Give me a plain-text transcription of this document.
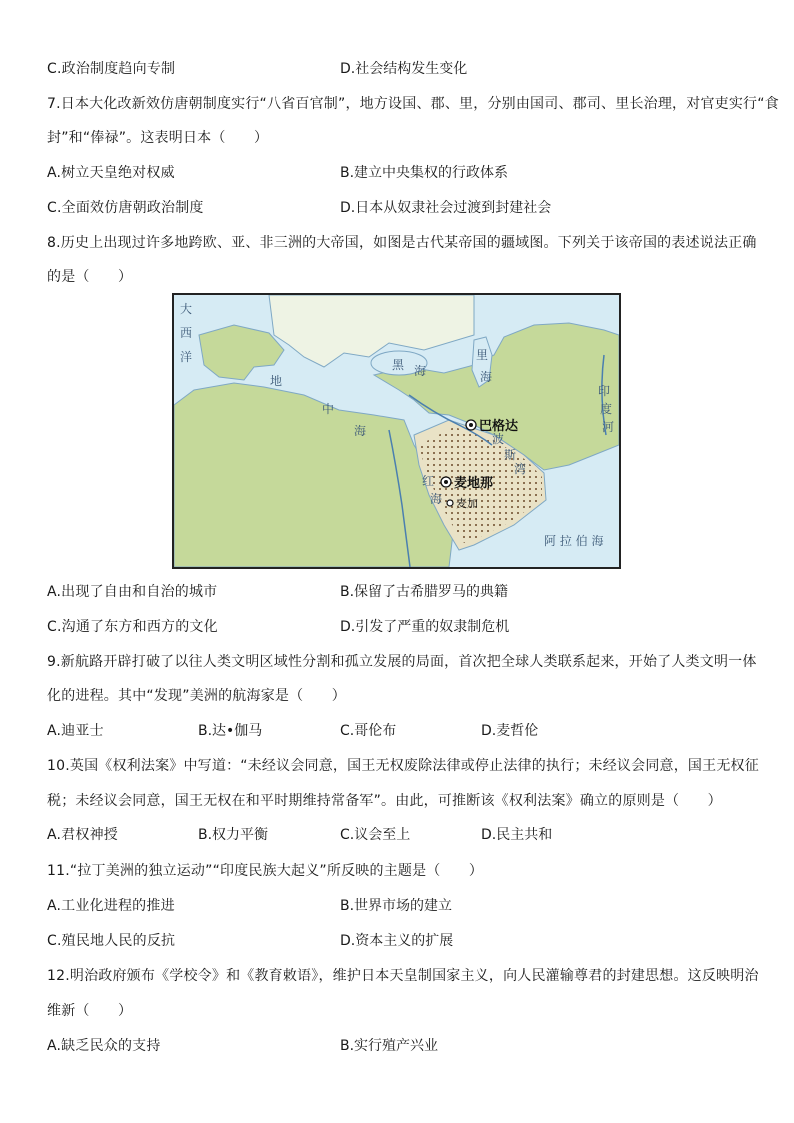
C.政治制度趋向专制	D.社会结构发生变化
7.日本大化改新效仿唐朝制度实行“八省百官制”，地方设国、郡、里，分别由国司、郡司、里长治理，对官吏实行“食
封”和“俸禄”。这表明日本（　　）
A.树立天皇绝对权威	B.建立中央集权的行政体系
C.全面效仿唐朝政治制度	D.日本从奴隶社会过渡到封建社会
8.历史上出现过许多地跨欧、亚、非三洲的大帝国，如图是古代某帝国的疆域图。下列关于该帝国的表述说法正确
的是（　　）
大
西
洋
地
中
海
黑 海
里
海
红
海
波
斯
湾
印
度
河
阿 拉 伯 海
巴格达
麦地那
麦加
A.出现了自由和自治的城市	B.保留了古希腊罗马的典籍
C.沟通了东方和西方的文化	D.引发了严重的奴隶制危机
9.新航路开辟打破了以往人类文明区域性分割和孤立发展的局面，首次把全球人类联系起来，开始了人类文明一体
化的进程。其中“发现”美洲的航海家是（　　）
A.迪亚士	B.达•伽马	C.哥伦布	D.麦哲伦
10.英国《权利法案》中写道：“未经议会同意，国王无权废除法律或停止法律的执行；未经议会同意，国王无权征
税；未经议会同意，国王无权在和平时期维持常备军”。由此，可推断该《权利法案》确立的原则是（　　）
A.君权神授	B.权力平衡	C.议会至上	D.民主共和
11.“拉丁美洲的独立运动”“印度民族大起义”所反映的主题是（　　）
A.工业化进程的推进	B.世界市场的建立
C.殖民地人民的反抗	D.资本主义的扩展
12.明治政府颁布《学校令》和《教育敕语》，维护日本天皇制国家主义，向人民灌输尊君的封建思想。这反映明治
维新（　　）
A.缺乏民众的支持	B.实行殖产兴业
